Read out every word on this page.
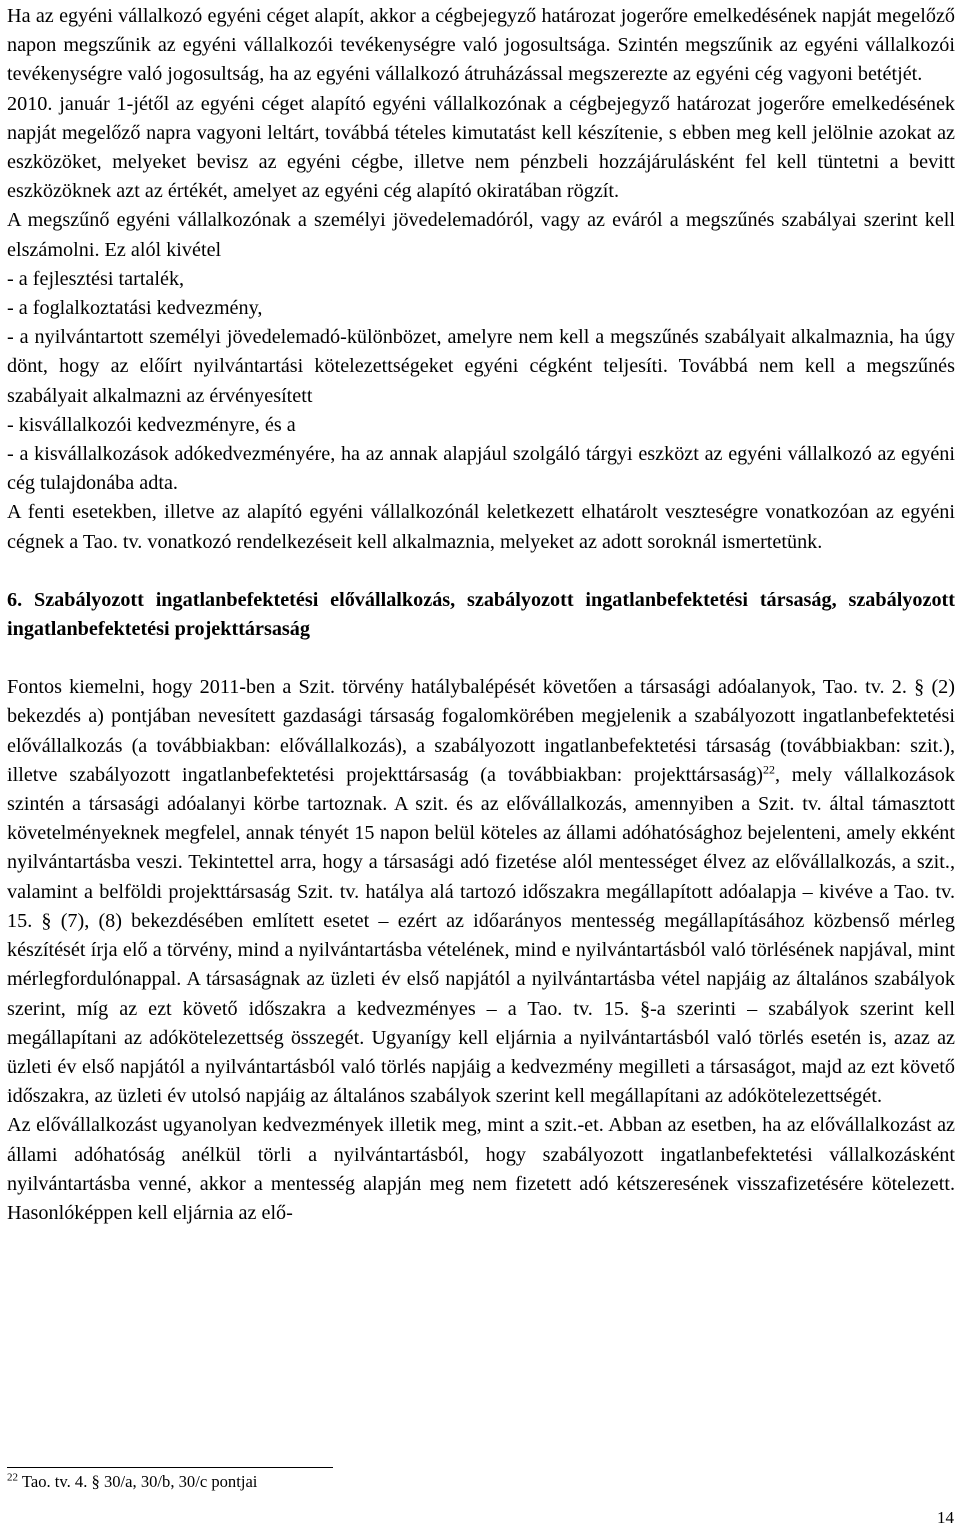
Ha az egyéni vállalkozó egyéni céget alapít, akkor a cégbejegyző határozat jogerőre emelkedésének napját megelőző napon megszűnik az egyéni vállalkozói tevékenységre való jogosultsága. Szintén megszűnik az egyéni vállalkozói tevékenységre való jogosultság, ha az egyéni vállalkozó átruházással megszerezte az egyéni cég vagyoni betétjét.

2010. január 1-jétől az egyéni céget alapító egyéni vállalkozónak a cégbejegyző határozat jogerőre emelkedésének napját megelőző napra vagyoni leltárt, továbbá tételes kimutatást kell készítenie, s ebben meg kell jelölnie azokat az eszközöket, melyeket bevisz az egyéni cégbe, illetve nem pénzbeli hozzájárulásként fel kell tüntetni a bevitt eszközöknek azt az értékét, amelyet az egyéni cég alapító okiratában rögzít.

A megszűnő egyéni vállalkozónak a személyi jövedelemadóról, vagy az eváról a megszűnés szabályai szerint kell elszámolni. Ez alól kivétel

- a fejlesztési tartalék,

- a foglalkoztatási kedvezmény,

- a nyilvántartott személyi jövedelemadó-különbözet, amelyre nem kell a megszűnés szabályait alkalmaznia, ha úgy dönt, hogy az előírt nyilvántartási kötelezettségeket egyéni cégként teljesíti. Továbbá nem kell a megszűnés szabályait alkalmazni az érvényesített

- kisvállalkozói kedvezményre, és a

- a kisvállalkozások adókedvezményére, ha az annak alapjául szolgáló tárgyi eszközt az egyéni vállalkozó az egyéni cég tulajdonába adta.

A fenti esetekben, illetve az alapító egyéni vállalkozónál keletkezett elhatárolt veszteségre vonatkozóan az egyéni cégnek a Tao. tv. vonatkozó rendelkezéseit kell alkalmaznia, melyeket az adott soroknál ismertetünk.

6. Szabályozott ingatlanbefektetési elővállalkozás, szabályozott ingatlanbefektetési társaság, szabályozott ingatlanbefektetési projekttársaság

Fontos kiemelni, hogy 2011-ben a Szit. törvény hatálybalépését követően a társasági adóalanyok, Tao. tv. 2. § (2) bekezdés a) pontjában nevesített gazdasági társaság fogalomkörében megjelenik a szabályozott ingatlanbefektetési elővállalkozás (a továbbiakban: elővállalkozás), a szabályozott ingatlanbefektetési társaság (továbbiakban: szit.), illetve szabályozott ingatlanbefektetési projekttársaság (a továbbiakban: projekttársaság)$^{22}$, mely vállalkozások szintén a társasági adóalanyi körbe tartoznak. A szit. és az elővállalkozás, amennyiben a Szit. tv. által támasztott követelményeknek megfelel, annak tényét 15 napon belül köteles az állami adóhatósághoz bejelenteni, amely ekként nyilvántartásba veszi. Tekintettel arra, hogy a társasági adó fizetése alól mentességet élvez az elővállalkozás, a szit., valamint a belföldi projekttársaság Szit. tv. hatálya alá tartozó időszakra megállapított adóalapja – kivéve a Tao. tv. 15. § (7), (8) bekezdésében említett esetet – ezért az időarányos mentesség megállapításához közbenső mérleg készítését írja elő a törvény, mind a nyilvántartásba vételének, mind e nyilvántartásból való törlésének napjával, mint mérlegfordulónappal. A társaságnak az üzleti év első napjától a nyilvántartásba vétel napjáig az általános szabályok szerint, míg az ezt követő időszakra a kedvezményes – a Tao. tv. 15. §-a szerinti – szabályok szerint kell megállapítani az adókötelezettség összegét. Ugyanígy kell eljárnia a nyilvántartásból való törlés esetén is, azaz az üzleti év első napjától a nyilvántartásból való törlés napjáig a kedvezmény megilleti a társaságot, majd az ezt követő időszakra, az üzleti év utolsó napjáig az általános szabályok szerint kell megállapítani az adókötelezettségét.

Az elővállalkozást ugyanolyan kedvezmények illetik meg, mint a szit.-et. Abban az esetben, ha az elővállalkozást az állami adóhatóság anélkül törli a nyilvántartásból, hogy szabályozott ingatlanbefektetési vállalkozásként nyilvántartásba venné, akkor a mentesség alapján meg nem fizetett adó kétszeresének visszafizetésére kötelezett. Hasonlóképpen kell eljárnia az elő-

$^{22}$ Tao. tv. 4. § 30/a, 30/b, 30/c pontjai
14
